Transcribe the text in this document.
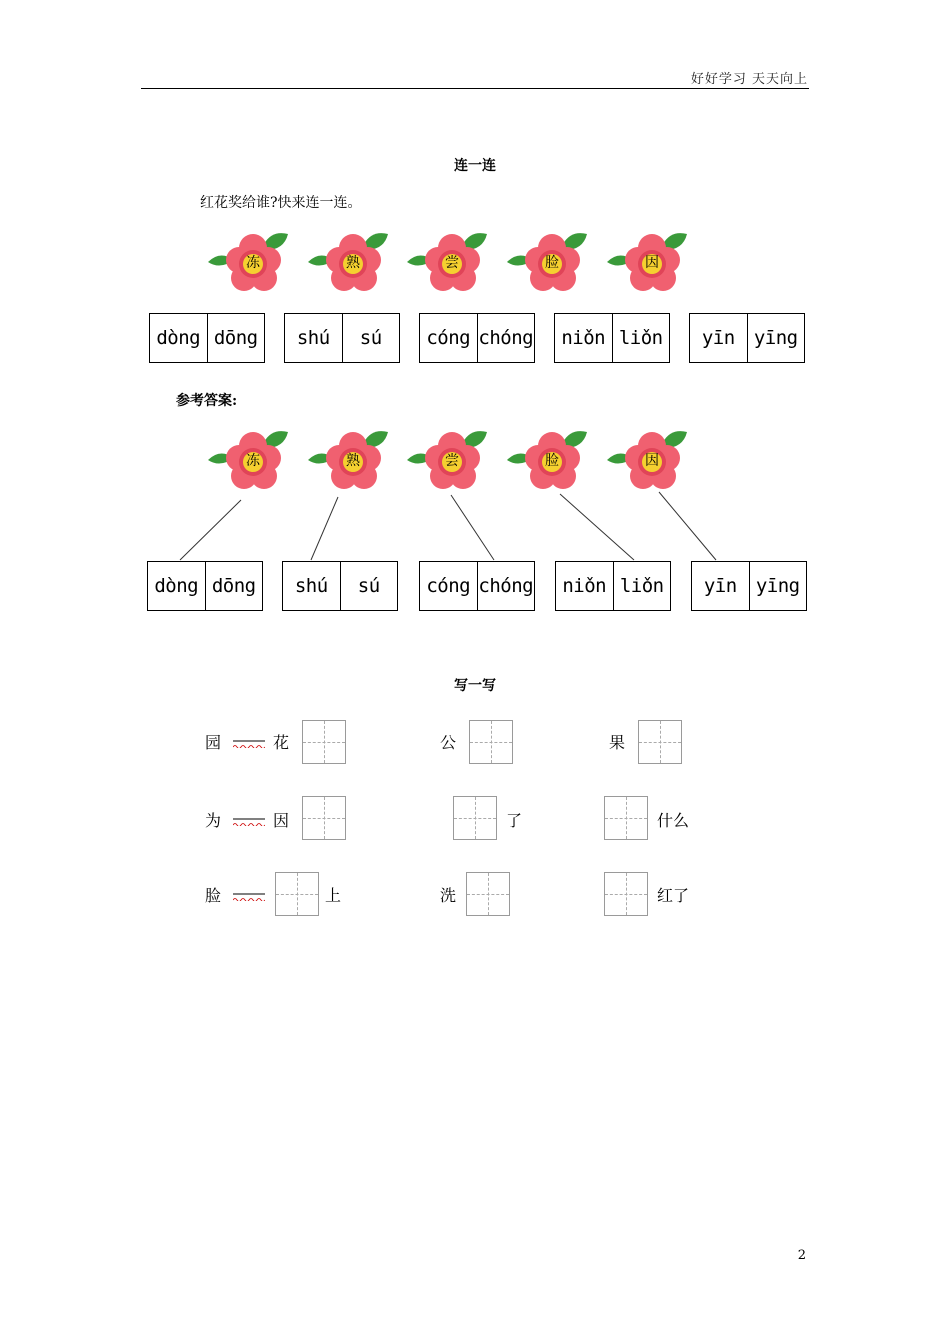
好好学习 天天向上
连一连
红花奖给谁?快来连一连。
冻	熟	尝	脸	因
dòng dōng	shú	sú	cóng chóng	niǒn liǒn	yīn	yīng
参考答案:
冻	熟	尝	脸	因
dòng dōng	shú	sú	cóng chóng	niǒn liǒn	yīn	yīng
写一写
园	花	公	果
为	因	了	什么
脸	上	洗	红了
2
